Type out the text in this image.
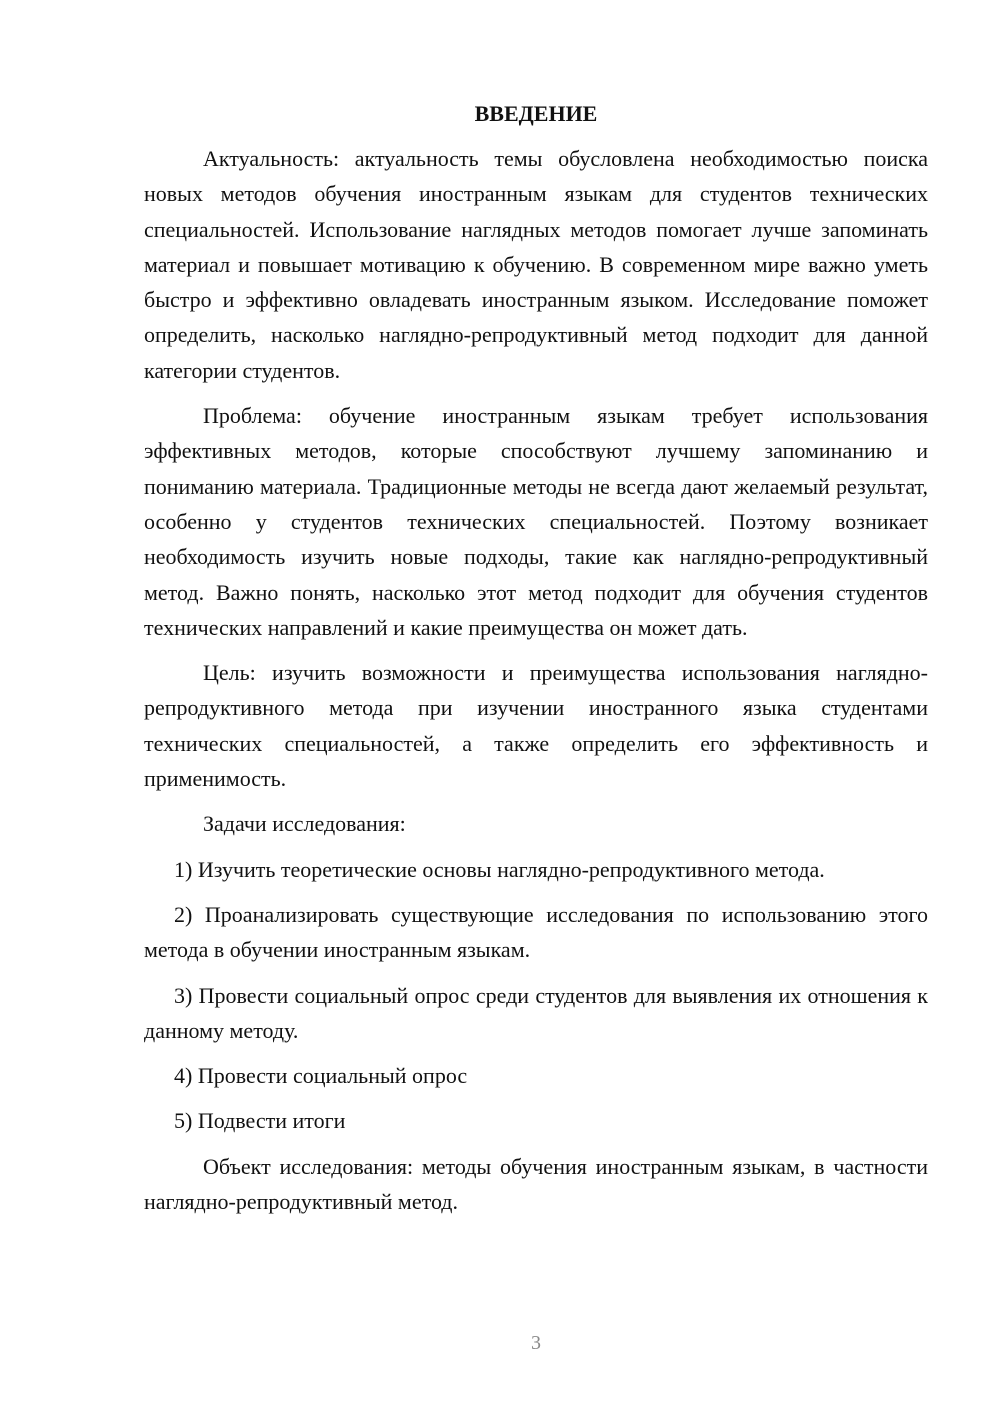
ВВЕДЕНИЕ

Актуальность: актуальность темы обусловлена необходимостью поиска новых методов обучения иностранным языкам для студентов технических специальностей. Использование наглядных методов помогает лучше запоминать материал и повышает мотивацию к обучению. В современном мире важно уметь быстро и эффективно овладевать иностранным языком. Исследование поможет определить, насколько наглядно-репродуктивный метод подходит для данной категории студентов.

Проблема: обучение иностранным языкам требует использования эффективных методов, которые способствуют лучшему запоминанию и пониманию материала. Традиционные методы не всегда дают желаемый результат, особенно у студентов технических специальностей. Поэтому возникает необходимость изучить новые подходы, такие как наглядно-репродуктивный метод. Важно понять, насколько этот метод подходит для обучения студентов технических направлений и какие преимущества он может дать.

Цель: изучить возможности и преимущества использования наглядно-репродуктивного метода при изучении иностранного языка студентами технических специальностей, а также определить его эффективность и применимость.

Задачи исследования:

1) Изучить теоретические основы наглядно-репродуктивного метода.

2) Проанализировать существующие исследования по использованию этого метода в обучении иностранным языкам.

3) Провести социальный опрос среди студентов для выявления их отношения к данному методу.

4) Провести социальный опрос

5) Подвести итоги

Объект исследования: методы обучения иностранным языкам, в частности наглядно-репродуктивный метод.

3
